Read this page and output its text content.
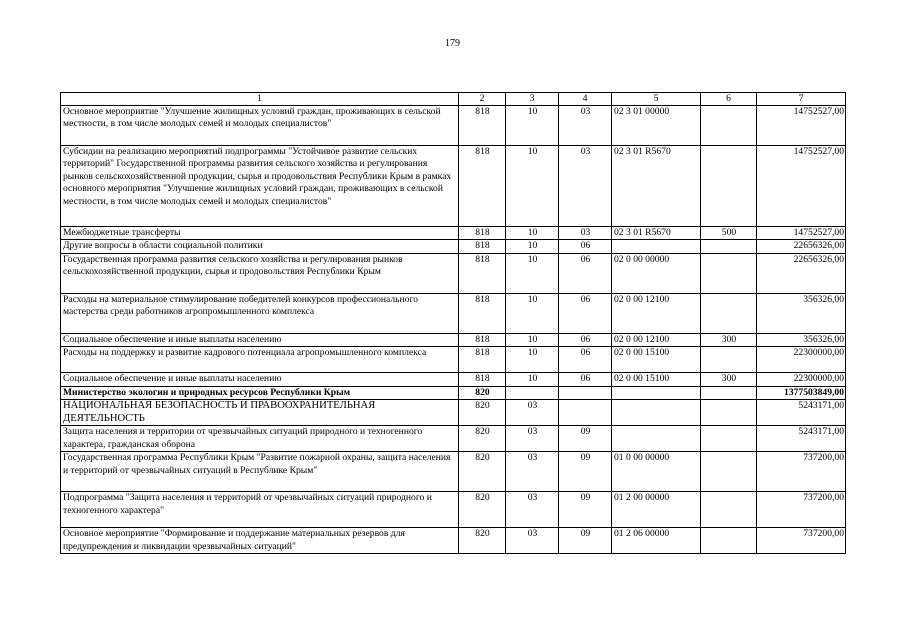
179
1	2	3	4	5	6	7
Основное мероприятие "Улучшение жилищных условий граждан, проживающих в сельской местности, в том числе молодых семей и молодых специалистов"	818	10	03	02 3 01 00000		14752527,00
Субсидии на реализацию мероприятий подпрограммы "Устойчивое развитие сельских территорий" Государственной программы развития сельского хозяйства и регулирования рынков сельскохозяйственной продукции, сырья и продовольствия Республики Крым в рамках основного мероприятия "Улучшение жилищных условий граждан, проживающих в сельской местности, в том числе молодых семей и молодых специалистов"	818	10	03	02 3 01 R5670		14752527,00
Межбюджетные трансферты	818	10	03	02 3 01 R5670	500	14752527,00
Другие вопросы в области социальной политики	818	10	06			22656326,00
Государственная программа развития сельского хозяйства и регулирования рынков сельскохозяйственной продукции, сырья и продовольствия Республики Крым	818	10	06	02 0 00 00000		22656326,00
Расходы на материальное стимулирование победителей конкурсов профессионального мастерства среди работников агропромышленного комплекса	818	10	06	02 0 00 12100		356326,00
Социальное обеспечение и иные выплаты населению	818	10	06	02 0 00 12100	300	356326,00
Расходы на поддержку и развитие кадрового потенциала агропромышленного комплекса	818	10	06	02 0 00 15100		22300000,00
Социальное обеспечение и иные выплаты населению	818	10	06	02 0 00 15100	300	22300000,00
Министерство экологии и природных ресурсов Республики Крым	820					1377503849,00
НАЦИОНАЛЬНАЯ БЕЗОПАСНОСТЬ И ПРАВООХРАНИТЕЛЬНАЯ ДЕЯТЕЛЬНОСТЬ	820	03				5243171,00
Защита населения и территории от чрезвычайных ситуаций природного и техногенного характера, гражданская оборона	820	03	09			5243171,00
Государственная программа Республики Крым "Развитие пожарной охраны, защита населения и территорий от чрезвычайных ситуаций в Республике Крым"	820	03	09	01 0 00 00000		737200,00
Подпрограмма "Защита населения и территорий от чрезвычайных ситуаций природного и техногенного характера"	820	03	09	01 2 00 00000		737200,00
Основное мероприятие "Формирование и поддержание материальных резервов для предупреждения и ликвидации чрезвычайных ситуаций"	820	03	09	01 2 06 00000		737200,00
